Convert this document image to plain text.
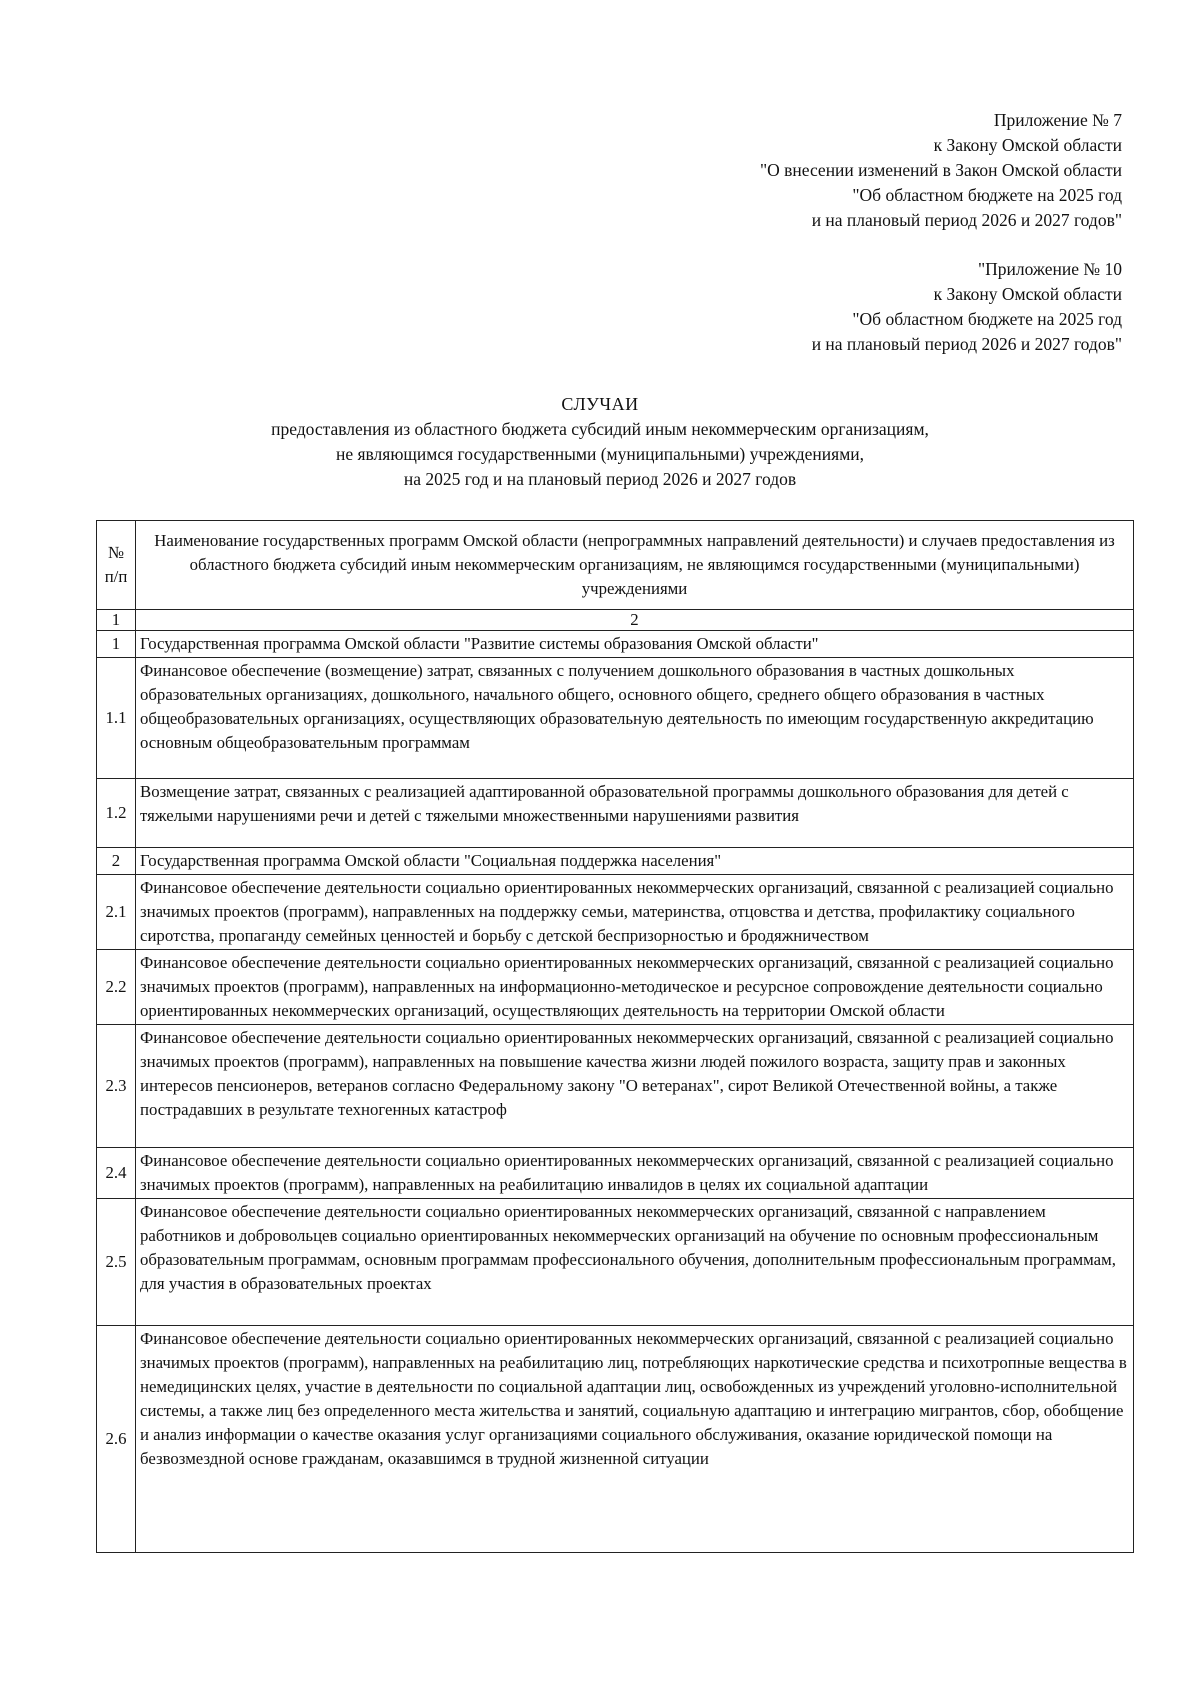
Приложение № 7
к Закону Омской области
"О внесении изменений в Закон Омской области
"Об областном бюджете на 2025 год
и на плановый период 2026 и 2027 годов"
"Приложение № 10
к Закону Омской области
"Об областном бюджете на 2025 год
и на плановый период 2026 и 2027 годов"
СЛУЧАИ
предоставления из областного бюджета субсидий иным некоммерческим организациям,
не являющимся государственными (муниципальными) учреждениями,
на 2025 год и на плановый период 2026 и 2027 годов
№
п/п	Наименование государственных программ Омской области (непрограммных направлений деятельности) и случаев предоставления из областного бюджета субсидий иным некоммерческим организациям, не являющимся государственными (муниципальными) учреждениями
1	2
1	Государственная программа Омской области "Развитие системы образования Омской области"
1.1	Финансовое обеспечение (возмещение) затрат, связанных с получением дошкольного образования в частных дошкольных образовательных организациях, дошкольного, начального общего, основного общего, среднего общего образования в частных общеобразовательных организациях, осуществляющих образовательную деятельность по имеющим государственную аккредитацию основным общеобразовательным программам
1.2	Возмещение затрат, связанных с реализацией адаптированной образовательной программы дошкольного образования для детей с тяжелыми нарушениями речи и детей с тяжелыми множественными нарушениями развития
2	Государственная программа Омской области "Социальная поддержка населения"
2.1	Финансовое обеспечение деятельности социально ориентированных некоммерческих организаций, связанной с реализацией социально значимых проектов (программ), направленных на поддержку семьи, материнства, отцовства и детства, профилактику социального сиротства, пропаганду семейных ценностей и борьбу с детской беспризорностью и бродяжничеством
2.2	Финансовое обеспечение деятельности социально ориентированных некоммерческих организаций, связанной с реализацией социально значимых проектов (программ), направленных на информационно-методическое и ресурсное сопровождение деятельности социально ориентированных некоммерческих организаций, осуществляющих деятельность на территории Омской области
2.3	Финансовое обеспечение деятельности социально ориентированных некоммерческих организаций, связанной с реализацией социально значимых проектов (программ), направленных на повышение качества жизни людей пожилого возраста, защиту прав и законных интересов пенсионеров, ветеранов согласно Федеральному закону "О ветеранах", сирот Великой Отечественной войны, а также пострадавших в результате техногенных катастроф
2.4	Финансовое обеспечение деятельности социально ориентированных некоммерческих организаций, связанной с реализацией социально значимых проектов (программ), направленных на реабилитацию инвалидов в целях их социальной адаптации
2.5	Финансовое обеспечение деятельности социально ориентированных некоммерческих организаций, связанной с направлением работников и добровольцев социально ориентированных некоммерческих организаций на обучение по основным профессиональным образовательным программам, основным программам профессионального обучения, дополнительным профессиональным программам, для участия в образовательных проектах
2.6	Финансовое обеспечение деятельности социально ориентированных некоммерческих организаций, связанной с реализацией социально значимых проектов (программ), направленных на реабилитацию лиц, потребляющих наркотические средства и психотропные вещества в немедицинских целях, участие в деятельности по социальной адаптации лиц, освобожденных из учреждений уголовно-исполнительной системы, а также лиц без определенного места жительства и занятий, социальную адаптацию и интеграцию мигрантов, сбор, обобщение и анализ информации о качестве оказания услуг организациями социального обслуживания, оказание юридической помощи на безвозмездной основе гражданам, оказавшимся в трудной жизненной ситуации
